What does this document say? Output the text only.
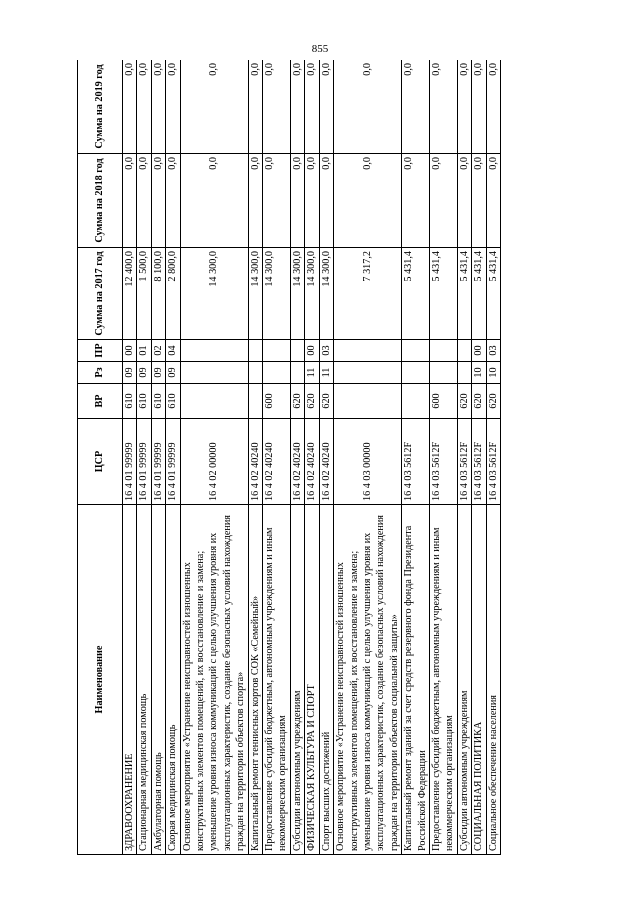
855
Наименование	ЦСР	ВР	Рз	ПР	Сумма на 2017 год	Сумма на 2018 год	Сумма на 2019 год
ЗДРАВООХРАНЕНИЕ	16 4 01 99999	610	09	00	12 400,0	0,0	0,0
Стационарная медицинская помощь	16 4 01 99999	610	09	01	1 500,0	0,0	0,0
Амбулаторная помощь	16 4 01 99999	610	09	02	8 100,0	0,0	0,0
Скорая медицинская помощь	16 4 01 99999	610	09	04	2 800,0	0,0	0,0
Основное мероприятие «Устранение неисправностей изношенных конструктивных элементов помещений, их восстановление и замена; уменьшение уровня износа коммуникаций с целью улучшения уровня их эксплуатационных характеристик, создание безопасных условий нахождения граждан на территории объектов спорта»	16 4 02 00000				14 300,0	0,0	0,0
Капитальный ремонт теннисных кортов СОК «Семейный»	16 4 02 40240				14 300,0	0,0	0,0
Предоставление субсидий бюджетным, автономным учреждениям и иным некоммерческим организациям	16 4 02 40240	600			14 300,0	0,0	0,0
Субсидии автономным учреждениям	16 4 02 40240	620			14 300,0	0,0	0,0
ФИЗИЧЕСКАЯ КУЛЬТУРА И СПОРТ	16 4 02 40240	620	11	00	14 300,0	0,0	0,0
Спорт высших достижений	16 4 02 40240	620	11	03	14 300,0	0,0	0,0
Основное мероприятие «Устранение неисправностей изношенных конструктивных элементов помещений, их восстановление и замена; уменьшение уровня износа коммуникаций с целью улучшения уровня их эксплуатационных характеристик, создание безопасных условий нахождения граждан на территории объектов социальной защиты»	16 4 03 00000				7 317,2	0,0	0,0
Капитальный ремонт зданий за счет средств резервного фонда Президента Российской Федерации	16 4 03 5612F				5 431,4	0,0	0,0
Предоставление субсидий бюджетным, автономным учреждениям и иным некоммерческим организациям	16 4 03 5612F	600			5 431,4	0,0	0,0
Субсидии автономным учреждениям	16 4 03 5612F	620			5 431,4	0,0	0,0
СОЦИАЛЬНАЯ ПОЛИТИКА	16 4 03 5612F	620	10	00	5 431,4	0,0	0,0
Социальное обеспечение населения	16 4 03 5612F	620	10	03	5 431,4	0,0	0,0
